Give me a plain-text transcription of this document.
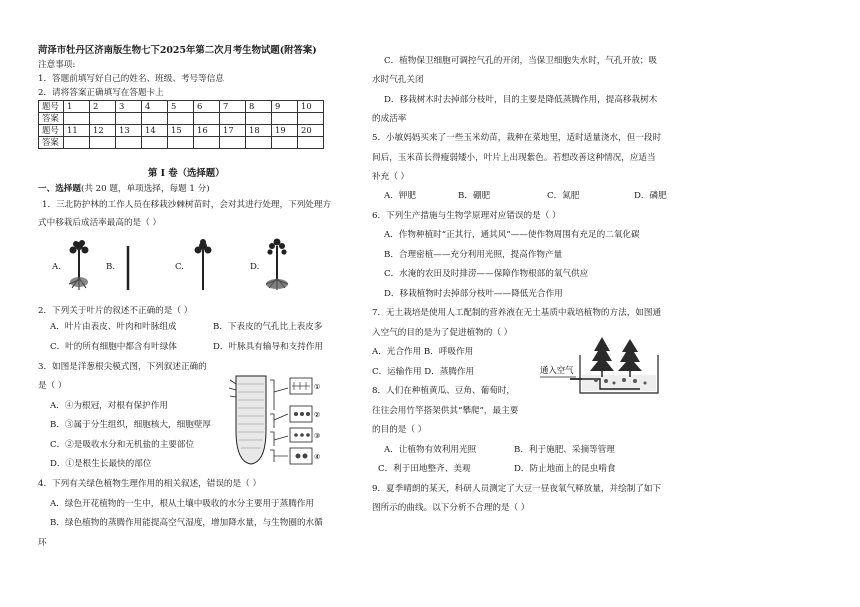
菏泽市牡丹区济南版生物七下2025年第二次月考生物试题(附答案)
注意事项:
1．答题前填写好自己的姓名、班级、考号等信息
2．请将答案正确填写在答题卡上
题号	1	2	3	4	5	6	7	8	9	10
答案										
题号	11	12	13	14	15	16	17	18	19	20
答案										
第 I 卷（选择题）
一、选择题(共 20 题，单项选择，每题 1 分)
1．三北防护林的工作人员在移栽沙棘树苗时，会对其进行处理，下列处理方
式中移栽后成活率最高的是（ ）
A.	B.	C.	D.
2．下列关于叶片的叙述不正确的是（ ）
A．叶片由表皮、叶肉和叶脉组成	B．下表皮的气孔比上表皮多
C．叶的所有细胞中都含有叶绿体	D．叶脉具有输导和支持作用
3．如图是洋葱根尖模式图，下列叙述正确的
是（ ）
A．④为根冠，对根有保护作用
B．③属于分生组织，细胞核大，细胞壁厚
C．②是吸收水分和无机盐的主要部位
D．①是根生长最快的部位
①
②
③
④
4．下列有关绿色植物生理作用的相关叙述，错误的是（ ）
A．绿色开花植物的一生中，根从土壤中吸收的水分主要用于蒸腾作用
B．绿色植物的蒸腾作用能提高空气湿度，增加降水量，与生物圈的水循
环
C．植物保卫细胞可调控气孔的开闭，当保卫细胞失水时，气孔开放；吸
水时气孔关闭
D．移栽树木时去掉部分枝叶，目的主要是降低蒸腾作用，提高移栽树木
的成活率
5．小敏妈妈买来了一些玉米幼苗，栽种在菜地里，适时适量浇水，但一段时
间后，玉米苗长得瘦弱矮小，叶片上出现紫色。若想改善这种情况，应适当
补充（ ）
A．钾肥	B．硼肥	C．氮肥	D．磷肥
6．下列生产措施与生物学原理对应错误的是（ ）
A．作物种植时“正其行，通其风”——使作物周围有充足的二氧化碳
B．合理密植——充分利用光照，提高作物产量
C．水淹的农田及时排涝——保障作物根部的氧气供应
D．移栽植物时去掉部分枝叶——降低光合作用
7．无土栽培是使用人工配制的营养液在无土基质中栽培植物的方法，如图通
入空气的目的是为了促进植物的（ ）
A．光合作用 B．呼吸作用
C．运输作用 D．蒸腾作用	通入空气
8．人们在种植黄瓜、豆角、葡萄时，
往往会用竹竿搭架供其“攀爬”，最主要
的目的是（ ）
A．让植物有效利用光照	B．利于施肥、采摘等管理
C．利于田地整齐、美观	D．防止地面上的昆虫啃食
9．夏季晴朗的某天，科研人员测定了大豆一昼夜氧气释放量，并绘制了如下
图所示的曲线。以下分析不合理的是（ ）
